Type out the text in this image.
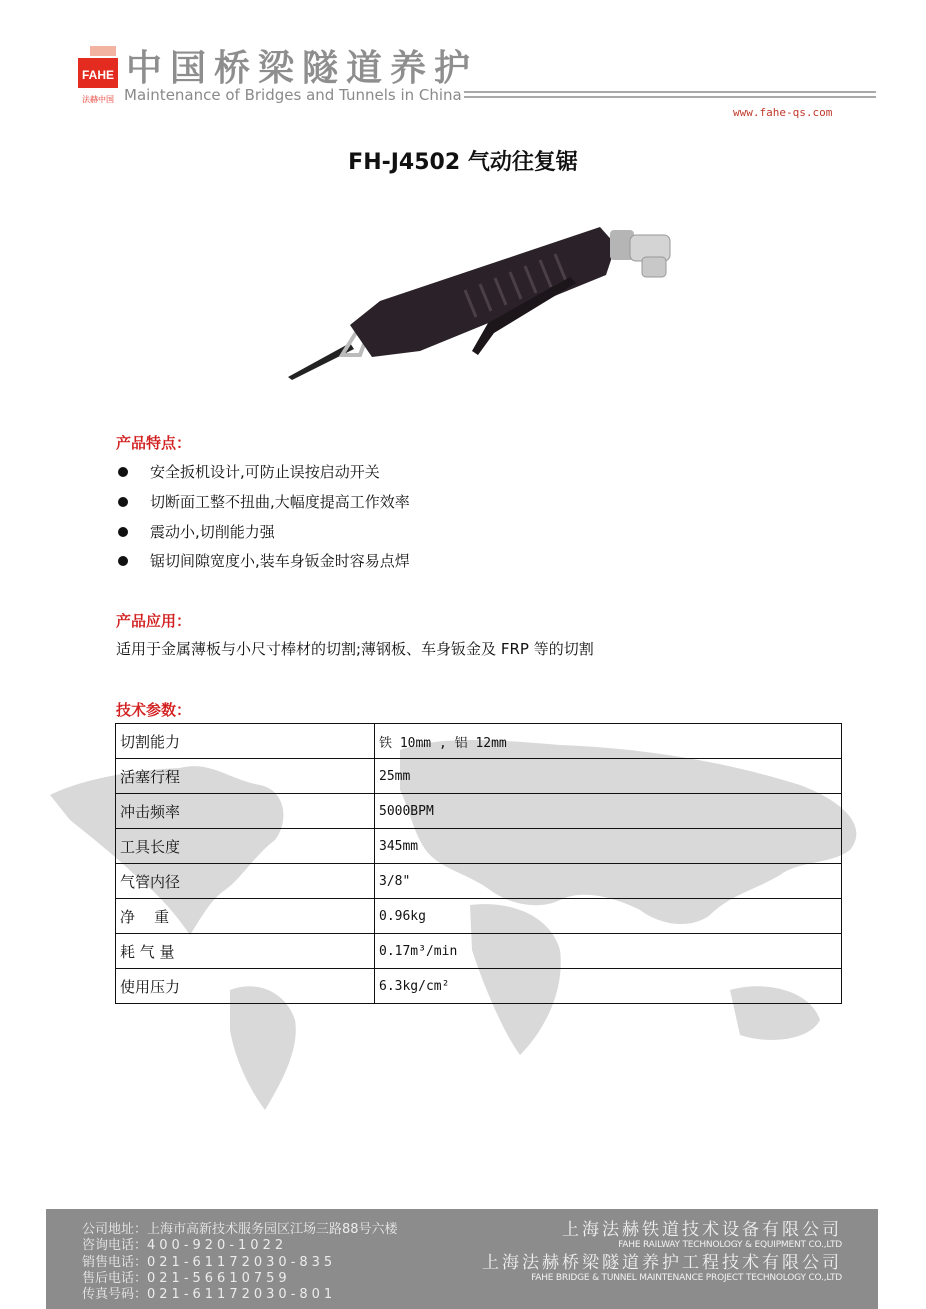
FAHE
法赫中国
中国桥梁隧道养护
Maintenance of Bridges and Tunnels in China
www.fahe-qs.com
FH-J4502 气动往复锯
产品特点：
安全扳机设计,可防止误按启动开关
切断面工整不扭曲,大幅度提高工作效率
震动小,切削能力强
锯切间隙宽度小,装车身钣金时容易点焊
产品应用：
适用于金属薄板与小尺寸棒材的切割;薄钢板、车身钣金及 FRP 等的切割
技术参数：
切割能力	铁 10mm , 铝 12mm
活塞行程	25mm
冲击频率	5000BPM
工具长度	345mm
气管内径	3/8"
净    重	0.96kg
耗 气 量	0.17m³/min
使用压力	6.3kg/cm²
公司地址：上海市高新技术服务园区江场三路88号六楼
咨询电话：400-920-1022
销售电话：021-61172030-835
售后电话：021-56610759
传真号码：021-61172030-801
上海法赫铁道技术设备有限公司
FAHE RAILWAY TECHNOLOGY & EQUIPMENT CO.,LTD
上海法赫桥梁隧道养护工程技术有限公司
FAHE BRIDGE & TUNNEL MAINTENANCE PROJECT TECHNOLOGY CO.,LTD
